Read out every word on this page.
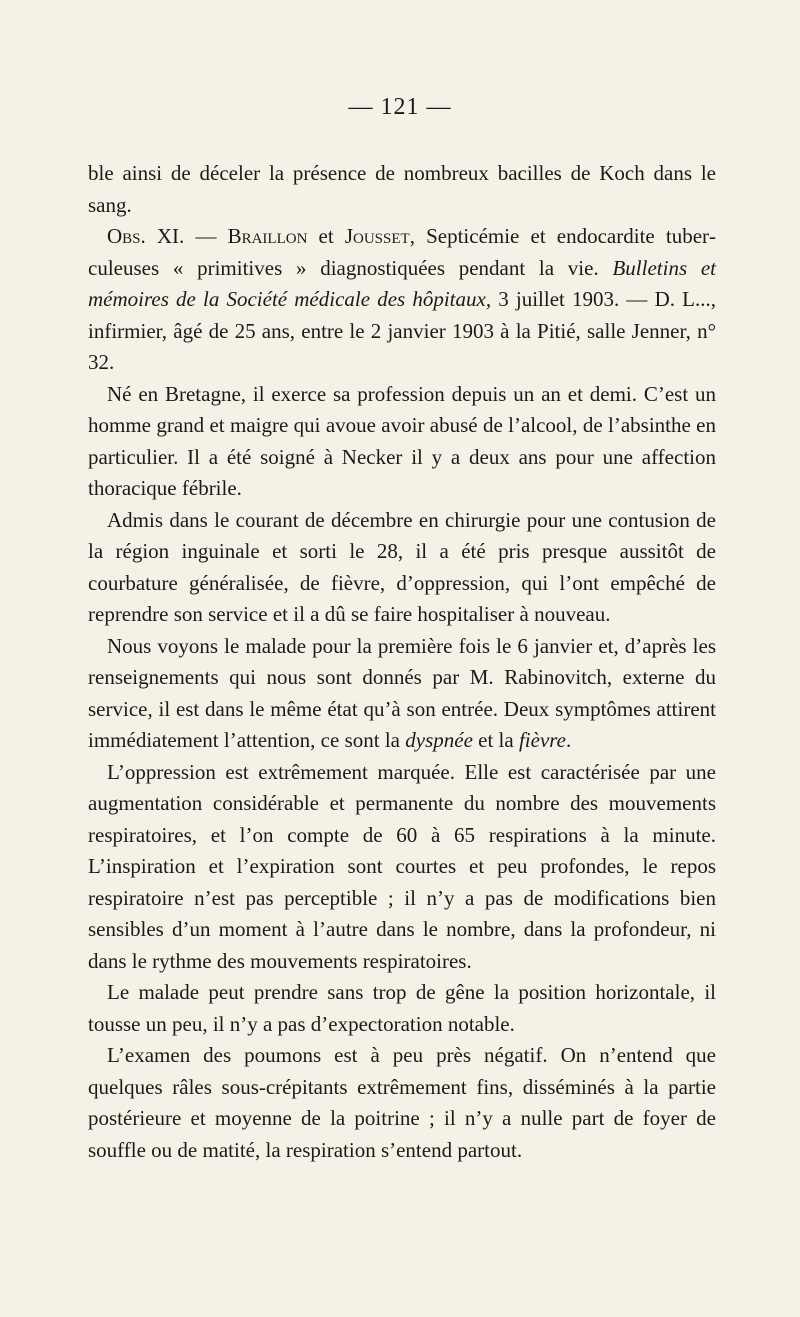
— 121 —

ble ainsi de déceler la présence de nombreux bacilles de Koch dans le sang.

Obs. XI. — Braillon et Jousset, Septicémie et endocardite tuberculeuses « primitives » diagnostiquées pendant la vie. Bulletins et mémoires de la Société médicale des hôpitaux, 3 juillet 1903. — D. L..., infirmier, âgé de 25 ans, entre le 2 janvier 1903 à la Pitié, salle Jenner, n° 32.

Né en Bretagne, il exerce sa profession depuis un an et demi. C’est un homme grand et maigre qui avoue avoir abusé de l’alcool, de l’absinthe en particulier. Il a été soigné à Necker il y a deux ans pour une affection thoracique fébrile.

Admis dans le courant de décembre en chirurgie pour une contusion de la région inguinale et sorti le 28, il a été pris presque aussitôt de courbature généralisée, de fièvre, d’oppression, qui l’ont empêché de reprendre son service et il a dû se faire hospitaliser à nouveau.

Nous voyons le malade pour la première fois le 6 janvier et, d’après les renseignements qui nous sont donnés par M. Rabinovitch, externe du service, il est dans le même état qu’à son entrée. Deux symptômes attirent immédiatement l’attention, ce sont la dyspnée et la fièvre.

L’oppression est extrêmement marquée. Elle est caractérisée par une augmentation considérable et permanente du nombre des mouvements respiratoires, et l’on compte de 60 à 65 respirations à la minute. L’inspiration et l’expiration sont courtes et peu profondes, le repos respiratoire n’est pas perceptible ; il n’y a pas de modifications bien sensibles d’un moment à l’autre dans le nombre, dans la profondeur, ni dans le rythme des mouvements respiratoires.

Le malade peut prendre sans trop de gêne la position horizontale, il tousse un peu, il n’y a pas d’expectoration notable.

L’examen des poumons est à peu près négatif. On n’entend que quelques râles sous-crépitants extrêmement fins, disséminés à la partie postérieure et moyenne de la poitrine ; il n’y a nulle part de foyer de souffle ou de matité, la respiration s’entend partout.
